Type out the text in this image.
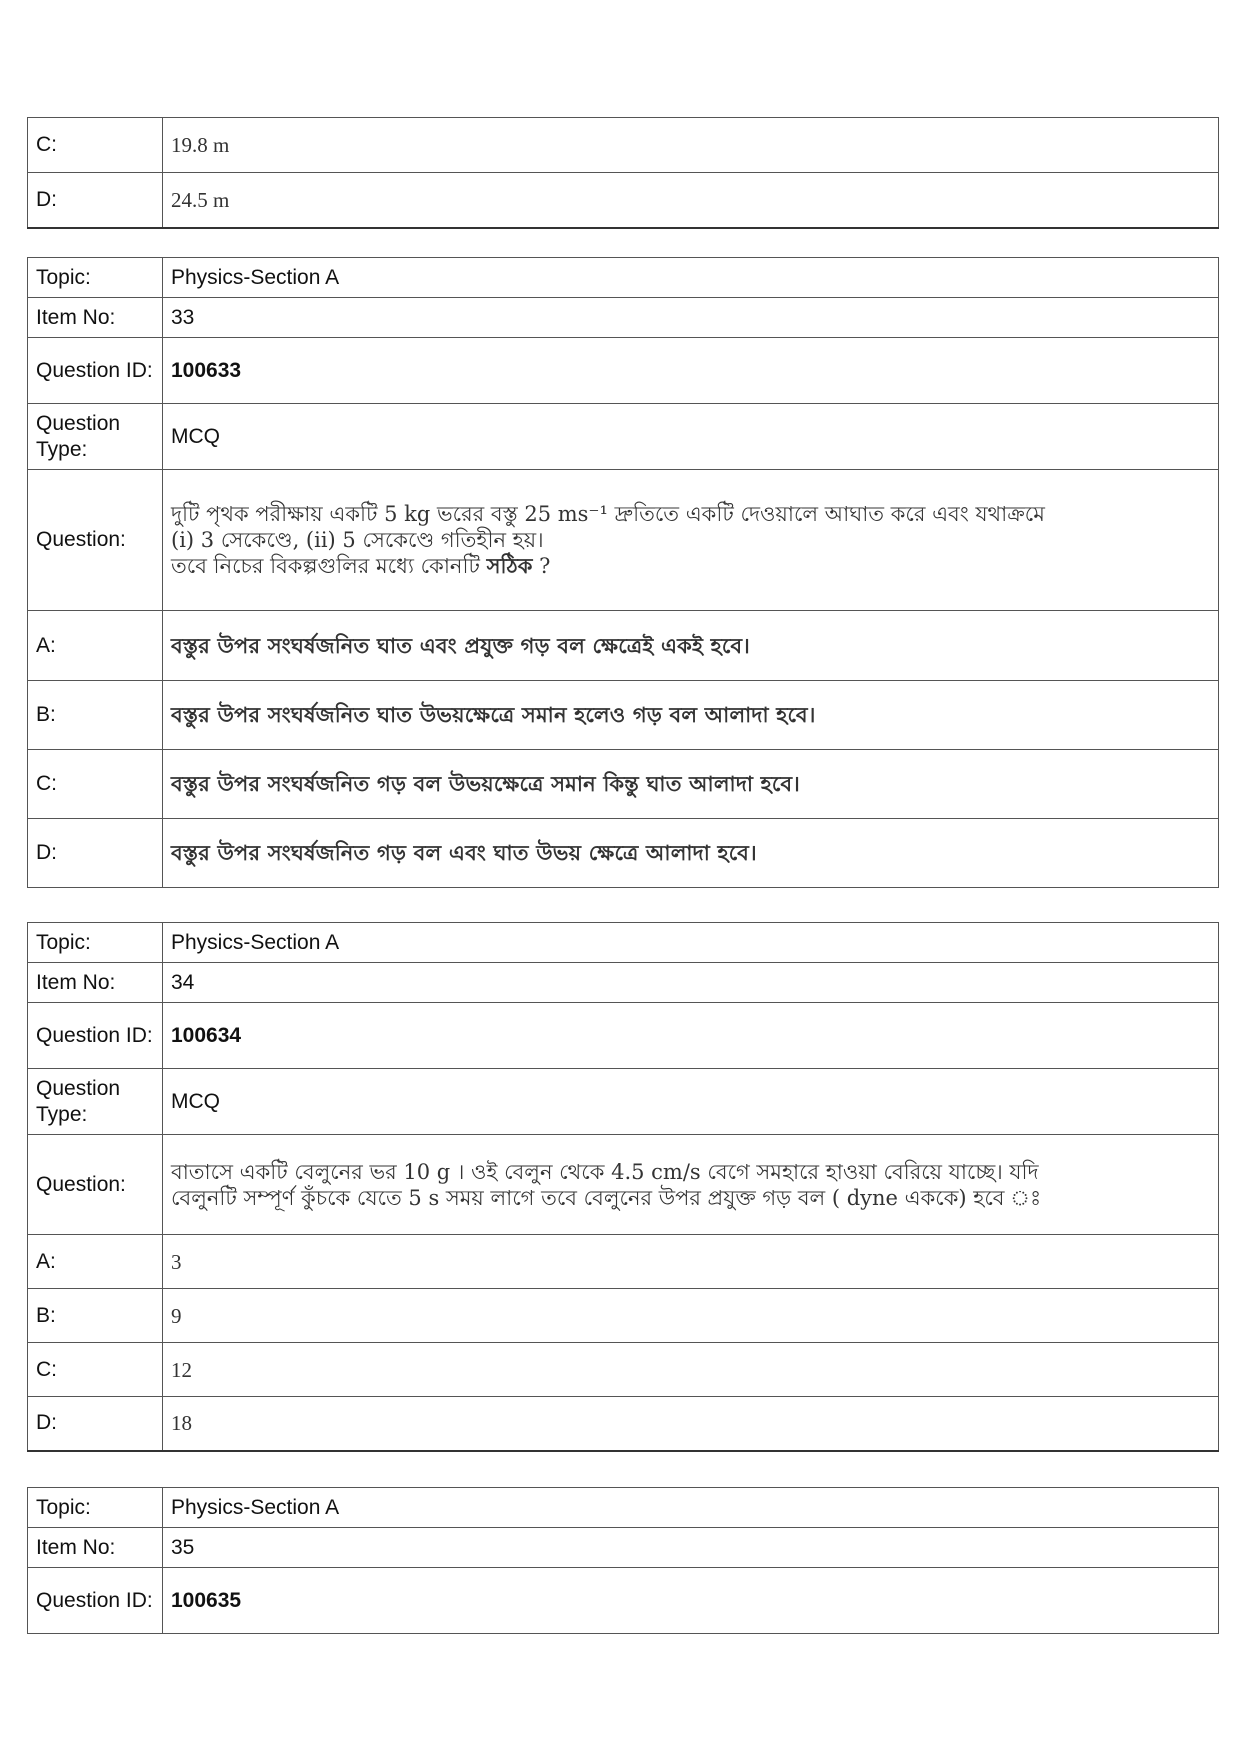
C:	19.8 m
D:	24.5 m
Topic:	Physics-Section A
Item No:	33
Question ID:	100633
Question Type:	MCQ
Question:	দুটি পৃথক পরীক্ষায় একটি 5 kg ভরের বস্তু 25 ms⁻¹ দ্রুতিতে একটি দেওয়ালে আঘাত করে এবং যথাক্রমে
(i) 3 সেকেণ্ডে, (ii) 5 সেকেণ্ডে গতিহীন হয়।
তবে নিচের বিকল্পগুলির মধ্যে কোনটি সঠিক ?

A:	বস্তুর উপর সংঘর্ষজনিত ঘাত এবং প্রযুক্ত গড় বল ক্ষেত্রেই একই হবে।
B:	বস্তুর উপর সংঘর্ষজনিত ঘাত উভয়ক্ষেত্রে সমান হলেও গড় বল আলাদা হবে।
C:	বস্তুর উপর সংঘর্ষজনিত গড় বল উভয়ক্ষেত্রে সমান কিন্তু ঘাত আলাদা হবে।
D:	বস্তুর উপর সংঘর্ষজনিত গড় বল এবং ঘাত উভয় ক্ষেত্রে আলাদা হবে।
Topic:	Physics-Section A
Item No:	34
Question ID:	100634
Question Type:	MCQ
Question:	বাতাসে একটি বেলুনের ভর 10 g । ওই বেলুন থেকে 4.5 cm/s বেগে সমহারে হাওয়া বেরিয়ে যাচ্ছে। যদি
বেলুনটি সম্পূর্ণ কুঁচকে যেতে 5 s সময় লাগে তবে বেলুনের উপর প্রযুক্ত গড় বল ( dyne এককে) হবে ঃ

A:	3
B:	9
C:	12
D:	18
Topic:	Physics-Section A
Item No:	35
Question ID:	100635
